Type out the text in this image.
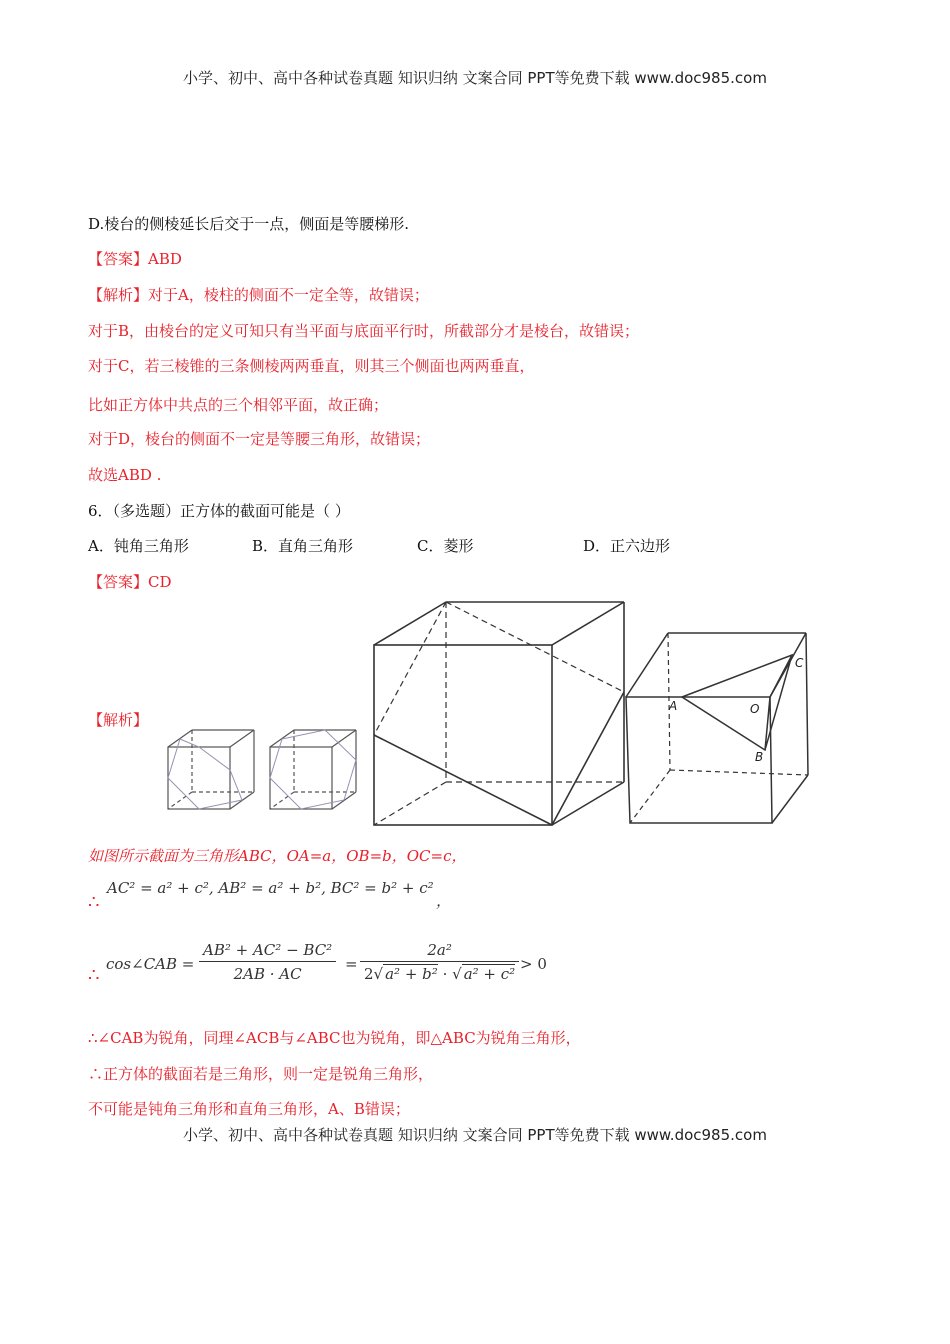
小学、初中、高中各种试卷真题 知识归纳 文案合同 PPT等免费下载 www.doc985.com
D.棱台的侧棱延长后交于一点，侧面是等腰梯形.
【答案】ABD
【解析】对于A，棱柱的侧面不一定全等，故错误；
对于B，由棱台的定义可知只有当平面与底面平行时，所截部分才是棱台，故错误；
对于C，若三棱锥的三条侧棱两两垂直，则其三个侧面也两两垂直，
比如正方体中共点的三个相邻平面，故正确；
对于D，棱台的侧面不一定是等腰三角形，故错误；
故选ABD .
6．（多选题）正方体的截面可能是（ ）
A．钝角三角形	B．直角三角形	C．菱形	D．正六边形
【答案】CD
【解析】
A	O
B
C
如图所示截面为三角形ABC，OA=a，OB=b，OC=c，
∴
AC² = a² + c², AB² = a² + b², BC² = b² + c²
，
∴
cos∠CAB = $\frac{\text{AB² + AC² − BC²}}{2AB \cdot AC} = \frac{\text{2a²}}{\text{2√ a² + b² · √ a² + c²}} > 0$
∴∠CAB为锐角，同理∠ACB与∠ABC也为锐角，即△ABC为锐角三角形，
∴正方体的截面若是三角形，则一定是锐角三角形，
不可能是钝角三角形和直角三角形，A、B错误；
小学、初中、高中各种试卷真题 知识归纳 文案合同 PPT等免费下载 www.doc985.com
